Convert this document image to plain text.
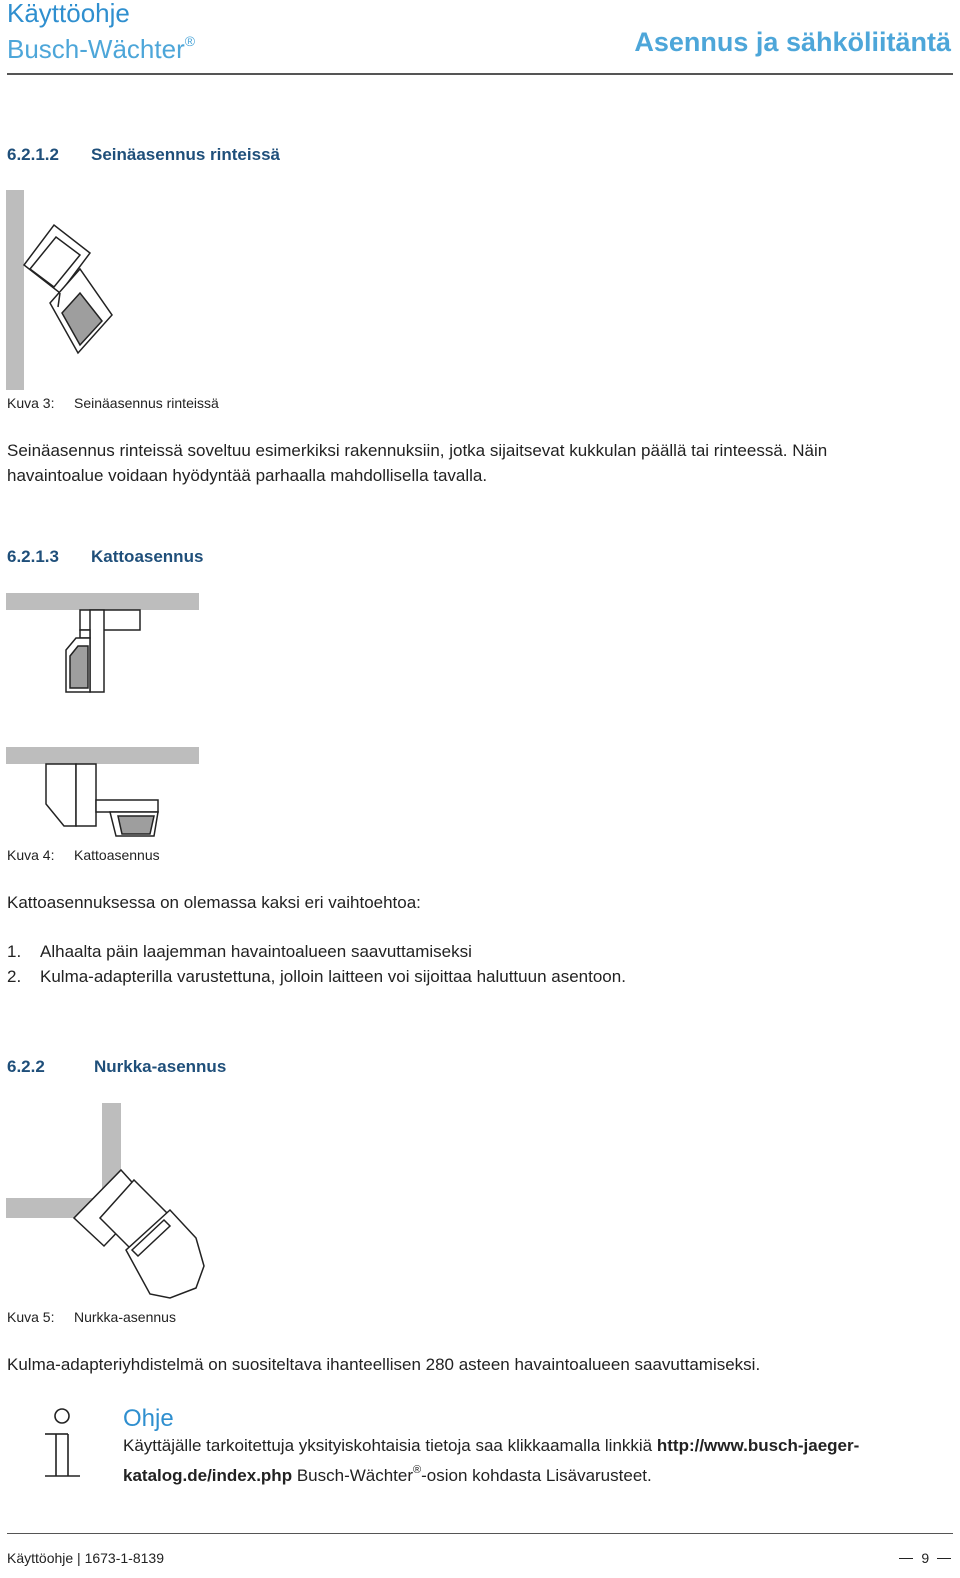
Käyttöohje
Busch-Wächter®	Asennus ja sähköliitäntä
6.2.1.2 Seinäasennus rinteissä
Kuva 3: Seinäasennus rinteissä
Seinäasennus rinteissä soveltuu esimerkiksi rakennuksiin, jotka sijaitsevat kukkulan päällä tai rinteessä. Näin
havaintoalue voidaan hyödyntää parhaalla mahdollisella tavalla.
6.2.1.3 Kattoasennus
Kuva 4: Kattoasennus
Kattoasennuksessa on olemassa kaksi eri vaihtoehtoa:
1. Alhaalta päin laajemman havaintoalueen saavuttamiseksi
2. Kulma-adapterilla varustettuna, jolloin laitteen voi sijoittaa haluttuun asentoon.
6.2.2	Nurkka-asennus
Kuva 5: Nurkka-asennus
Kulma-adapteriyhdistelmä on suositeltava ihanteellisen 280 asteen havaintoalueen saavuttamiseksi.
Ohje
Käyttäjälle tarkoitettuja yksityiskohtaisia tietoja saa klikkaamalla linkkiä http://www.busch-jaeger-
katalog.de/index.php Busch-Wächter®-osion kohdasta Lisävarusteet.
Käyttöohje | 1673-1-8139	9
